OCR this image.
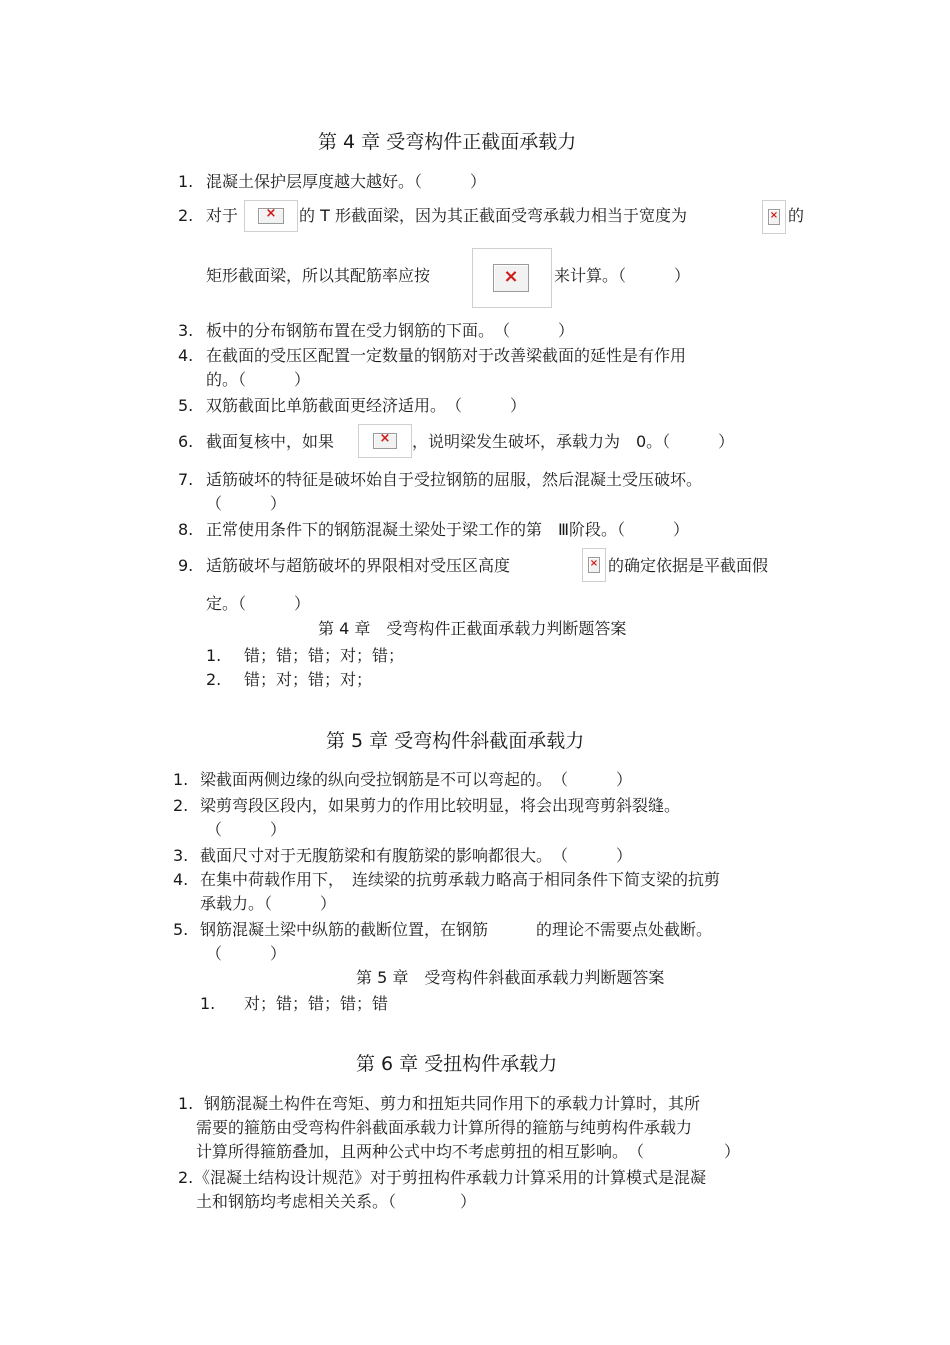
第 4 章 受弯构件正截面承载力
1. 混凝土保护层厚度越大越好。（　　　）
2. 对于	×	的 T 形截面梁，因为其正截面受弯承载力相当于宽度为	× 的
矩形截面梁，所以其配筋率应按	×	来计算。（　　　）
3. 板中的分布钢筋布置在受力钢筋的下面。　（　　　）
4. 在截面的受压区配置一定数量的钢筋对于改善梁截面的延性是有作用
的。（　　　）
5. 双筋截面比单筋截面更经济适用。　（　　　）
6. 截面复核中，如果	×	，说明梁发生破坏，承载力为　0。（　　　）
7. 适筋破坏的特征是破坏始自于受拉钢筋的屈服，然后混凝土受压破坏。
（　　　）
8. 正常使用条件下的钢筋混凝土梁处于梁工作的第　Ⅲ阶段。（　　　）
9. 适筋破坏与超筋破坏的界限相对受压区高度	× 的确定依据是平截面假
定。（　　　）
第 4 章　受弯构件正截面承载力判断题答案
1. 错；错；错；对；错；
2. 错；对；错；对；
第 5 章 受弯构件斜截面承载力
1. 梁截面两侧边缘的纵向受拉钢筋是不可以弯起的。　（　　　）
2. 梁剪弯段区段内，如果剪力的作用比较明显，将会出现弯剪斜裂缝。
（　　　）
3. 截面尺寸对于无腹筋梁和有腹筋梁的影响都很大。　（　　　）
4. 在集中荷载作用下，　连续梁的抗剪承载力略高于相同条件下简支梁的抗剪
承载力。（　　　）
5. 钢筋混凝土梁中纵筋的截断位置，在钢筋　　　的理论不需要点处截断。
（　　　）
第 5 章　受弯构件斜截面承载力判断题答案
1. 对；错；错；错；错
第 6 章 受扭构件承载力
1. 钢筋混凝土构件在弯矩、剪力和扭矩共同作用下的承载力计算时，其所
需要的箍筋由受弯构件斜截面承载力计算所得的箍筋与纯剪构件承载力
计算所得箍筋叠加，且两种公式中均不考虑剪扭的相互影响。　（　　　　　）
2. 《混凝土结构设计规范》对于剪扭构件承载力计算采用的计算模式是混凝
土和钢筋均考虑相关关系。（　　　　）
